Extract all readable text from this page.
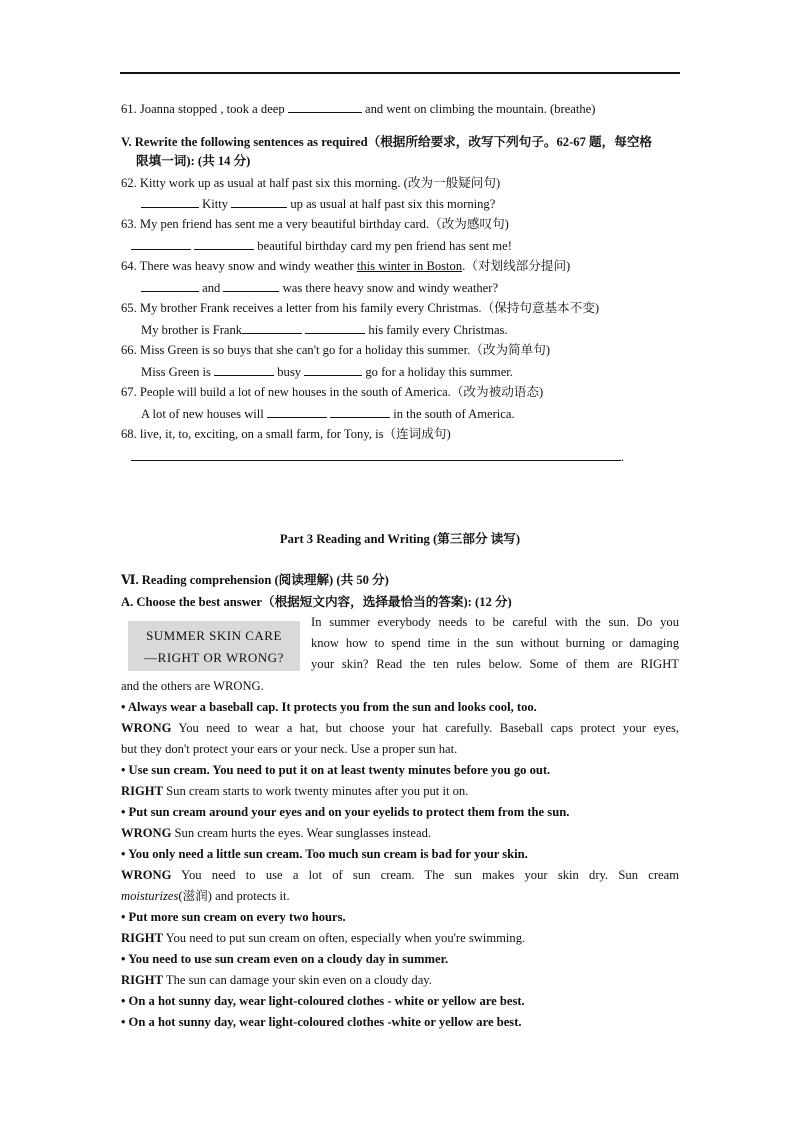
61. Joanna stopped , took a deep	and went on climbing the mountain. (breathe)
V. Rewrite the following sentences as required（根据所给要求，改写下列句子。62-67 题，每空格
限填一词): (共 14 分)
62. Kitty work up as usual at half past six this morning. (改为一般疑问句)
Kitty	up as usual at half past six this morning?
63. My pen friend has sent me a very beautiful birthday card.（改为感叹句)
beautiful birthday card my pen friend has sent me!
64. There was heavy snow and windy weather this winter in Boston.（对划线部分提问)
and	was there heavy snow and windy weather?
65. My brother Frank receives a letter from his family every Christmas.（保持句意基本不变)
My brother is Frank	his family every Christmas.
66. Miss Green is so buys that she can't go for a holiday this summer.（改为简单句)
Miss Green is	busy	go for a holiday this summer.
67. People will build a lot of new houses in the south of America.（改为被动语态)
A lot of new houses will	in the south of America.
68. live, it, to, exciting, on a small farm, for Tony, is（连词成句)
.
Part 3 Reading and Writing (第三部分 读写)
Ⅵ. Reading comprehension (阅读理解) (共 50 分)
A. Choose the best answer（根据短文内容，选择最恰当的答案): (12 分)
SUMMER SKIN CARE
—RIGHT OR WRONG?
In summer everybody needs to be careful with the sun. Do you
know how to spend time in the sun without burning or damaging
your skin? Read the ten rules below. Some of them are RIGHT
and the others are WRONG.
• Always wear a baseball cap. It protects you from the sun and looks cool, too.
WRONG You need to wear a hat, but choose your hat carefully. Baseball caps protect your eyes,
but they don't protect your ears or your neck. Use a proper sun hat.
• Use sun cream. You need to put it on at least twenty minutes before you go out.
RIGHT Sun cream starts to work twenty minutes after you put it on.
• Put sun cream around your eyes and on your eyelids to protect them from the sun.
WRONG Sun cream hurts the eyes. Wear sunglasses instead.
• You only need a little sun cream. Too much sun cream is bad for your skin.
WRONG You need to use a lot of sun cream. The sun makes your skin dry. Sun cream
moisturizes(滋润) and protects it.
• Put more sun cream on every two hours.
RIGHT You need to put sun cream on often, especially when you're swimming.
• You need to use sun cream even on a cloudy day in summer.
RIGHT The sun can damage your skin even on a cloudy day.
• On a hot sunny day, wear light-coloured clothes - white or yellow are best.
• On a hot sunny day, wear light-coloured clothes -white or yellow are best.
